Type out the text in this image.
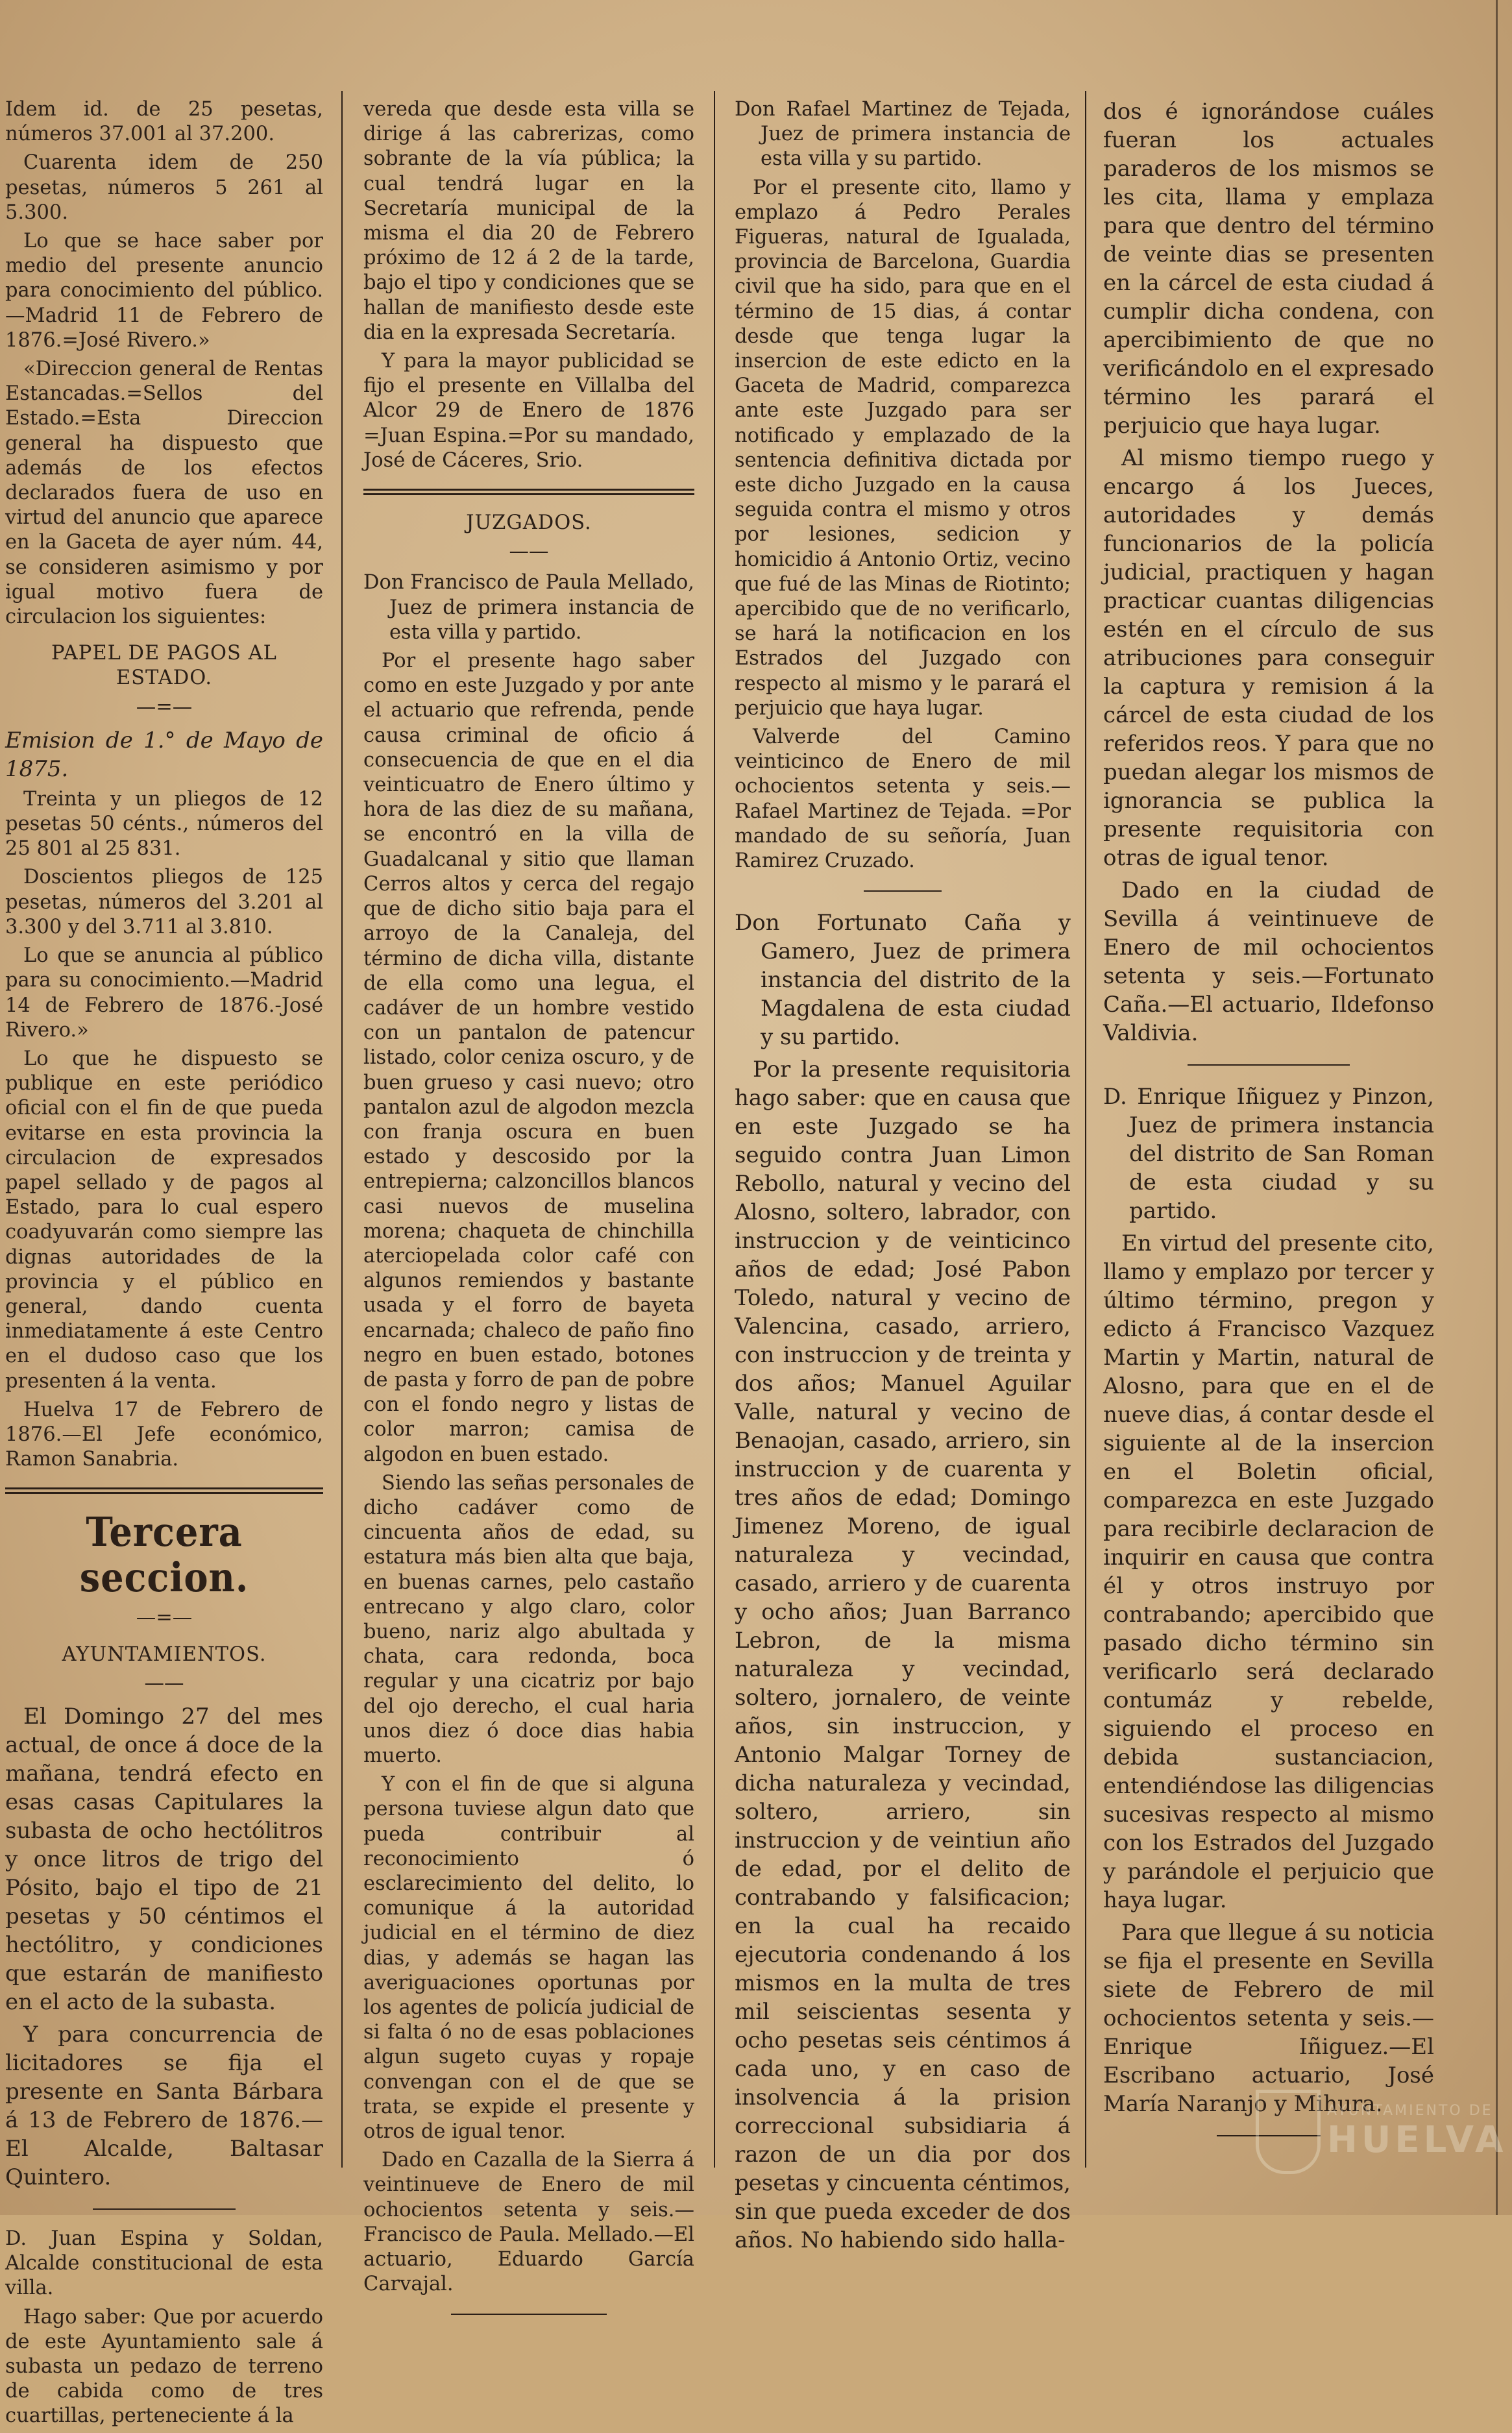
Idem id. de 25 pesetas, números 37.001 al 37.200.

Cuarenta idem de 250 pesetas, números 5 261 al 5.300.

Lo que se hace saber por medio del presente anuncio para conocimiento del público.—Madrid 11 de Febrero de 1876.=José Rivero.»

«Direccion general de Rentas Estancadas.=Sellos del Estado.=Esta Direccion general ha dispuesto que además de los efectos declarados fuera de uso en virtud del anuncio que aparece en la Gaceta de ayer núm. 44, se consideren asimismo y por igual motivo fuera de circulacion los siguientes:

PAPEL DE PAGOS AL ESTADO.

—=—

Emision de 1.° de Mayo de 1875.

Treinta y un pliegos de 12 pesetas 50 cénts., números del 25 801 al 25 831.

Doscientos pliegos de 125 pesetas, números del 3.201 al 3.300 y del 3.711 al 3.810.

Lo que se anuncia al público para su conocimiento.—Madrid 14 de Febrero de 1876.-José Rivero.»

Lo que he dispuesto se publique en este periódico oficial con el fin de que pueda evitarse en esta provincia la circulacion de expresados papel sellado y de pagos al Estado, para lo cual espero coadyuvarán como siempre las dignas autoridades de la provincia y el público en general, dando cuenta inmediatamente á este Centro en el dudoso caso que los presenten á la venta.

Huelva 17 de Febrero de 1876.—El Jefe económico, Ramon Sanabria.

Tercera seccion.

—=—

AYUNTAMIENTOS.

——

El Domingo 27 del mes actual, de once á doce de la mañana, tendrá efecto en esas casas Capitulares la subasta de ocho hectólitros y once litros de trigo del Pósito, bajo el tipo de 21 pesetas y 50 céntimos el hectólitro, y condiciones que estarán de manifiesto en el acto de la subasta.

Y para concurrencia de licitadores se fija el presente en Santa Bárbara á 13 de Febrero de 1876.—El Alcalde, Baltasar Quintero.

D. Juan Espina y Soldan, Alcalde constitucional de esta villa.

Hago saber: Que por acuerdo de este Ayuntamiento sale á subasta un pedazo de terreno de cabida como de tres cuartillas, perteneciente á la

vereda que desde esta villa se dirige á las cabrerizas, como sobrante de la vía pública; la cual tendrá lugar en la Secretaría municipal de la misma el dia 20 de Febrero próximo de 12 á 2 de la tarde, bajo el tipo y condiciones que se hallan de manifiesto desde este dia en la expresada Secretaría.

Y para la mayor publicidad se fijo el presente en Villalba del Alcor 29 de Enero de 1876 =Juan Espina.=Por su mandado, José de Cáceres, Srio.

JUZGADOS.

——

Don Francisco de Paula Mellado, Juez de primera instancia de esta villa y partido.

Por el presente hago saber como en este Juzgado y por ante el actuario que refrenda, pende causa criminal de oficio á consecuencia de que en el dia veinticuatro de Enero último y hora de las diez de su mañana, se encontró en la villa de Guadalcanal y sitio que llaman Cerros altos y cerca del regajo que de dicho sitio baja para el arroyo de la Canaleja, del término de dicha villa, distante de ella como una legua, el cadáver de un hombre vestido con un pantalon de patencur listado, color ceniza oscuro, y de buen grueso y casi nuevo; otro pantalon azul de algodon mezcla con franja oscura en buen estado y descosido por la entrepierna; calzoncillos blancos casi nuevos de muselina morena; chaqueta de chinchilla aterciopelada color café con algunos remiendos y bastante usada y el forro de bayeta encarnada; chaleco de paño fino negro en buen estado, botones de pasta y forro de pan de pobre con el fondo negro y listas de color marron; camisa de algodon en buen estado.

Siendo las señas personales de dicho cadáver como de cincuenta años de edad, su estatura más bien alta que baja, en buenas carnes, pelo castaño entrecano y algo claro, color bueno, nariz algo abultada y chata, cara redonda, boca regular y una cicatriz por bajo del ojo derecho, el cual haria unos diez ó doce dias habia muerto.

Y con el fin de que si alguna persona tuviese algun dato que pueda contribuir al reconocimiento ó esclarecimiento del delito, lo comunique á la autoridad judicial en el término de diez dias, y además se hagan las averiguaciones oportunas por los agentes de policía judicial de si falta ó no de esas poblaciones algun sugeto cuyas y ropaje convengan con el de que se trata, se expide el presente y otros de igual tenor.

Dado en Cazalla de la Sierra á veintinueve de Enero de mil ochocientos setenta y seis.—Francisco de Paula. Mellado.—El actuario, Eduardo García Carvajal.

Don Rafael Martinez de Tejada, Juez de primera instancia de esta villa y su partido.

Por el presente cito, llamo y emplazo á Pedro Perales Figueras, natural de Igualada, provincia de Barcelona, Guardia civil que ha sido, para que en el término de 15 dias, á contar desde que tenga lugar la insercion de este edicto en la Gaceta de Madrid, comparezca ante este Juzgado para ser notificado y emplazado de la sentencia definitiva dictada por este dicho Juzgado en la causa seguida contra el mismo y otros por lesiones, sedicion y homicidio á Antonio Ortiz, vecino que fué de las Minas de Riotinto; apercibido que de no verificarlo, se hará la notificacion en los Estrados del Juzgado con respecto al mismo y le parará el perjuicio que haya lugar.

Valverde del Camino veinticinco de Enero de mil ochocientos setenta y seis.—Rafael Martinez de Tejada. =Por mandado de su señoría, Juan Ramirez Cruzado.

Don Fortunato Caña y Gamero, Juez de primera instancia del distrito de la Magdalena de esta ciudad y su partido.

Por la presente requisitoria hago saber: que en causa que en este Juzgado se ha seguido contra Juan Limon Rebollo, natural y vecino del Alosno, soltero, labrador, con instruccion y de veinticinco años de edad; José Pabon Toledo, natural y vecino de Valencina, casado, arriero, con instruccion y de treinta y dos años; Manuel Aguilar Valle, natural y vecino de Benaojan, casado, arriero, sin instruccion y de cuarenta y tres años de edad; Domingo Jimenez Moreno, de igual naturaleza y vecindad, casado, arriero y de cuarenta y ocho años; Juan Barranco Lebron, de la misma naturaleza y vecindad, soltero, jornalero, de veinte años, sin instruccion, y Antonio Malgar Torney de dicha naturaleza y vecindad, soltero, arriero, sin instruccion y de veintiun año de edad, por el delito de contrabando y falsificacion; en la cual ha recaido ejecutoria condenando á los mismos en la multa de tres mil seiscientas sesenta y ocho pesetas seis céntimos á cada uno, y en caso de insolvencia á la prision correccional subsidiaria á razon de un dia por dos pesetas y cincuenta céntimos, sin que pueda exceder de dos años. No habiendo sido halla-

dos é ignorándose cuáles fueran los actuales paraderos de los mismos se les cita, llama y emplaza para que dentro del término de veinte dias se presenten en la cárcel de esta ciudad á cumplir dicha condena, con apercibimiento de que no verificándolo en el expresado término les parará el perjuicio que haya lugar.

Al mismo tiempo ruego y encargo á los Jueces, autoridades y demás funcionarios de la policía judicial, practiquen y hagan practicar cuantas diligencias estén en el círculo de sus atribuciones para conseguir la captura y remision á la cárcel de esta ciudad de los referidos reos. Y para que no puedan alegar los mismos de ignorancia se publica la presente requisitoria con otras de igual tenor.

Dado en la ciudad de Sevilla á veintinueve de Enero de mil ochocientos setenta y seis.—Fortunato Caña.—El actuario, Ildefonso Valdivia.

D. Enrique Iñiguez y Pinzon, Juez de primera instancia del distrito de San Roman de esta ciudad y su partido.

En virtud del presente cito, llamo y emplazo por tercer y último término, pregon y edicto á Francisco Vazquez Martin y Martin, natural de Alosno, para que en el de nueve dias, á contar desde el siguiente al de la insercion en el Boletin oficial, comparezca en este Juzgado para recibirle declaracion de inquirir en causa que contra él y otros instruyo por contrabando; apercibido que pasado dicho término sin verificarlo será declarado contumáz y rebelde, siguiendo el proceso en debida sustanciacion, entendiéndose las diligencias sucesivas respecto al mismo con los Estrados del Juzgado y parándole el perjuicio que haya lugar.

Para que llegue á su noticia se fija el presente en Sevilla siete de Febrero de mil ochocientos setenta y seis.—Enrique Iñiguez.—El Escribano actuario, José María Naranjo y Mihura.

AYUNTAMIENTO DE
HUELVA
